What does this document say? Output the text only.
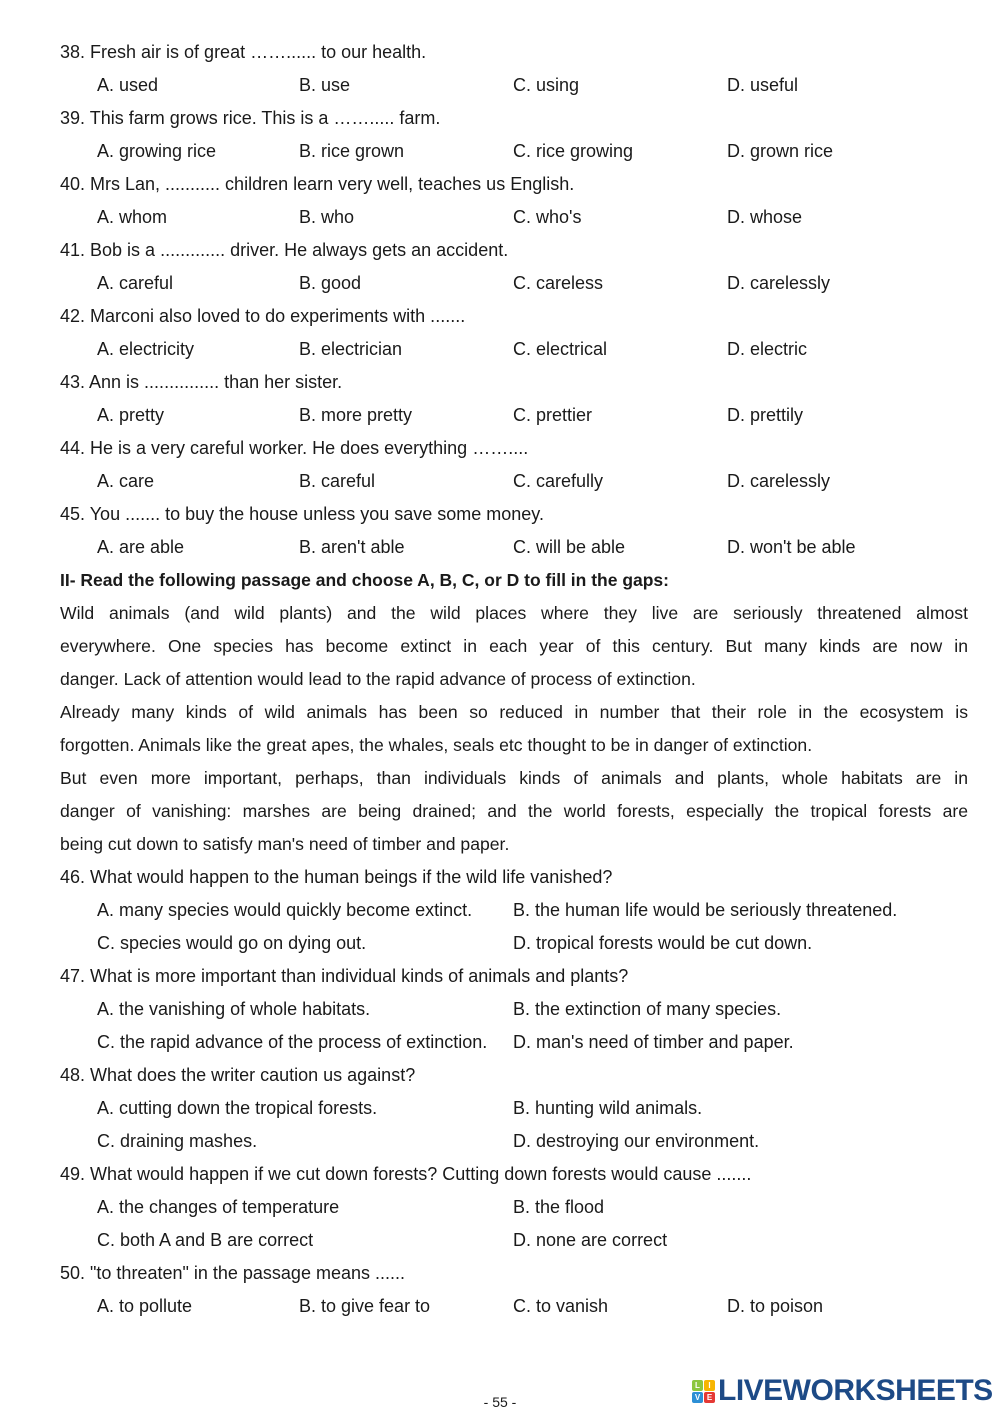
38. Fresh air is of great ……...... to our health.
A. used	B. use	C. using	D. useful
39. This farm grows rice. This is a ……..... farm.
A. growing rice	B. rice grown	C. rice growing	D. grown rice
40. Mrs Lan, ........... children learn very well, teaches us English.
A. whom	B. who	C. who's	D. whose
41. Bob is a ............. driver. He always gets an accident.
A. careful	B. good	C. careless	D. carelessly
42. Marconi also loved to do experiments with .......
A. electricity	B. electrician	C. electrical	D. electric
43. Ann is ............... than her sister.
A. pretty	B. more pretty	C. prettier	D. prettily
44. He is a very careful worker. He does everything ……....
A. care	B. careful	C. carefully	D. carelessly
45. You ....... to buy the house unless you save some money.
A. are able	B. aren't able	C. will be able	D. won't be able
II- Read the following passage and choose A, B, C, or D to fill in the gaps:
Wild animals (and wild plants) and the wild places where they live are seriously threatened almost
everywhere. One species has become extinct in each year of this century. But many kinds are now in
danger. Lack of attention would lead to the rapid advance of process of extinction.
Already many kinds of wild animals has been so reduced in number that their role in the ecosystem is
forgotten. Animals like the great apes, the whales, seals etc thought to be in danger of extinction.
But even more important, perhaps, than individuals kinds of animals and plants, whole habitats are in
danger of vanishing: marshes are being drained; and the world forests, especially the tropical forests are
being cut down to satisfy man's need of timber and paper.
46. What would happen to the human beings if the wild life vanished?
A. many species would quickly become extinct. B. the human life would be seriously threatened.
C. species would go on dying out.	D. tropical forests would be cut down.
47. What is more important than individual kinds of animals and plants?
A. the vanishing of whole habitats.	B. the extinction of many species.
C. the rapid advance of the process of extinction. D. man's need of timber and paper.
48. What does the writer caution us against?
A. cutting down the tropical forests.	B. hunting wild animals.
C. draining mashes.	D. destroying our environment.
49. What would happen if we cut down forests? Cutting down forests would cause .......
A. the changes of temperature	B. the flood
C. both A and B are correct	D. none are correct
50. "to threaten" in the passage means ......
A. to pollute	B. to give fear to	C. to vanish	D. to poison
- 55 -
L	I
V E LIVEWORKSHEETS
